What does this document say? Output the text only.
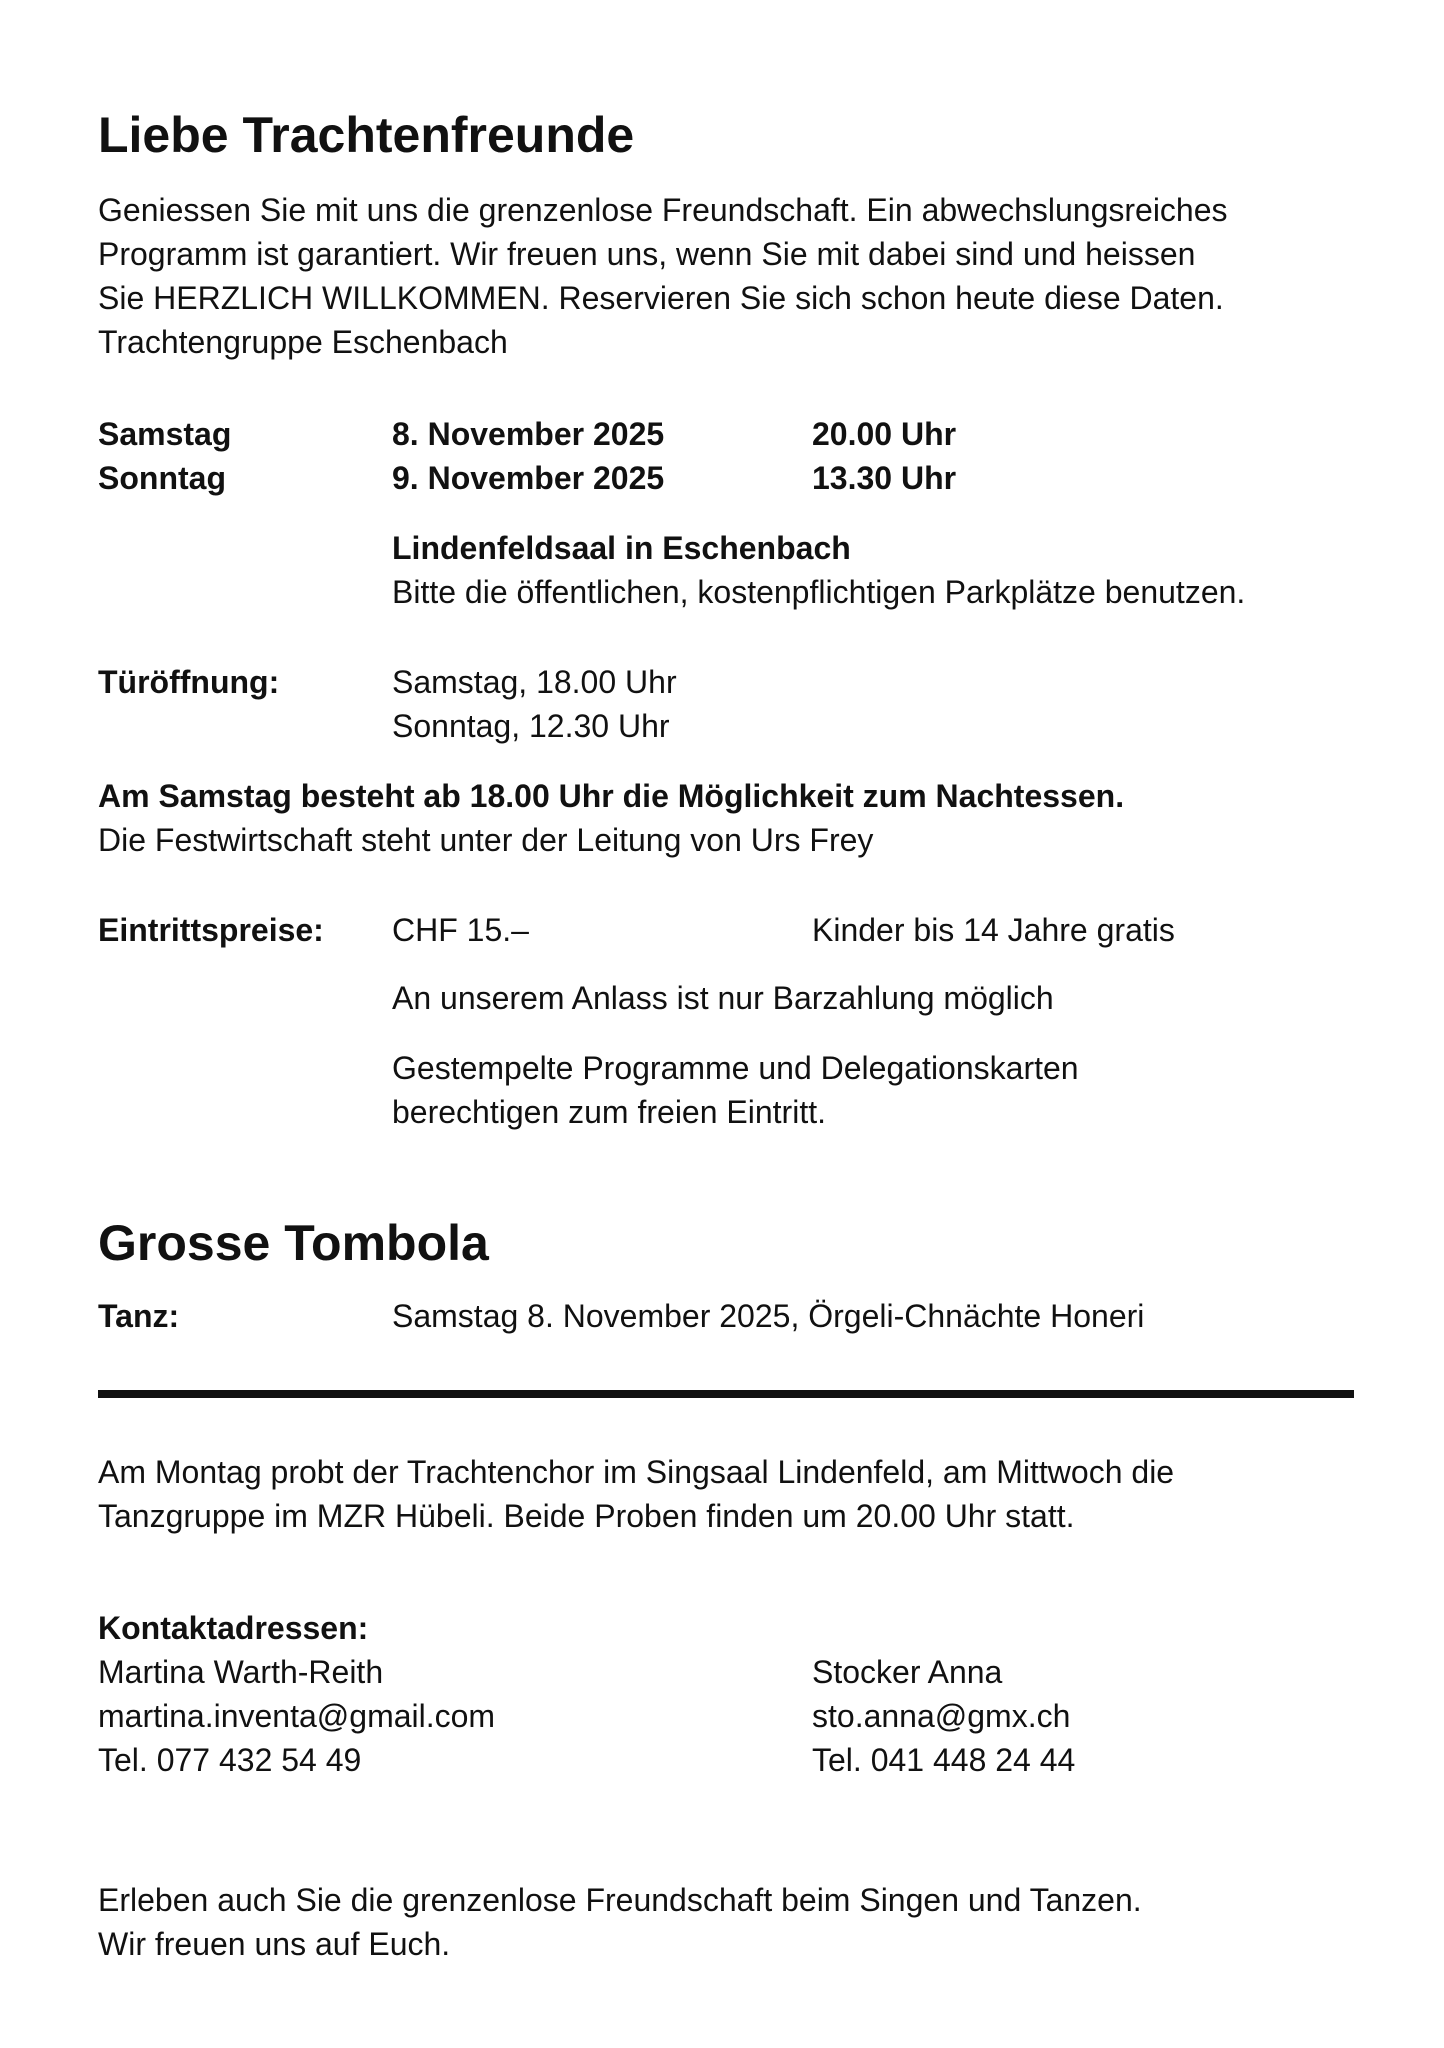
Liebe Trachtenfreunde
Geniessen Sie mit uns die grenzenlose Freundschaft. Ein abwechslungsreiches
Programm ist garantiert. Wir freuen uns, wenn Sie mit dabei sind und heissen
Sie HERZLICH WILLKOMMEN. Reservieren Sie sich schon heute diese Daten.
Trachtengruppe Eschenbach
Samstag	8. November 2025	20.00 Uhr
Sonntag	9. November 2025	13.30 Uhr
Lindenfeldsaal in Eschenbach
Bitte die öffentlichen, kostenpflichtigen Parkplätze benutzen.
Türöffnung:	Samstag, 18.00 Uhr
Sonntag, 12.30 Uhr
Am Samstag besteht ab 18.00 Uhr die Möglichkeit zum Nachtessen.
Die Festwirtschaft steht unter der Leitung von Urs Frey
Eintrittspreise: CHF 15.–	Kinder bis 14 Jahre gratis
An unserem Anlass ist nur Barzahlung möglich
Gestempelte Programme und Delegationskarten
berechtigen zum freien Eintritt.
Grosse Tombola
Tanz:	Samstag 8. November 2025, Örgeli-Chnächte Honeri
Am Montag probt der Trachtenchor im Singsaal Lindenfeld, am Mittwoch die
Tanzgruppe im MZR Hübeli. Beide Proben finden um 20.00 Uhr statt.
Kontaktadressen:
Martina Warth-Reith
martina.inventa@gmail.com
Tel. 077 432 54 49
Stocker Anna
sto.anna@gmx.ch
Tel. 041 448 24 44
Erleben auch Sie die grenzenlose Freundschaft beim Singen und Tanzen.
Wir freuen uns auf Euch.
